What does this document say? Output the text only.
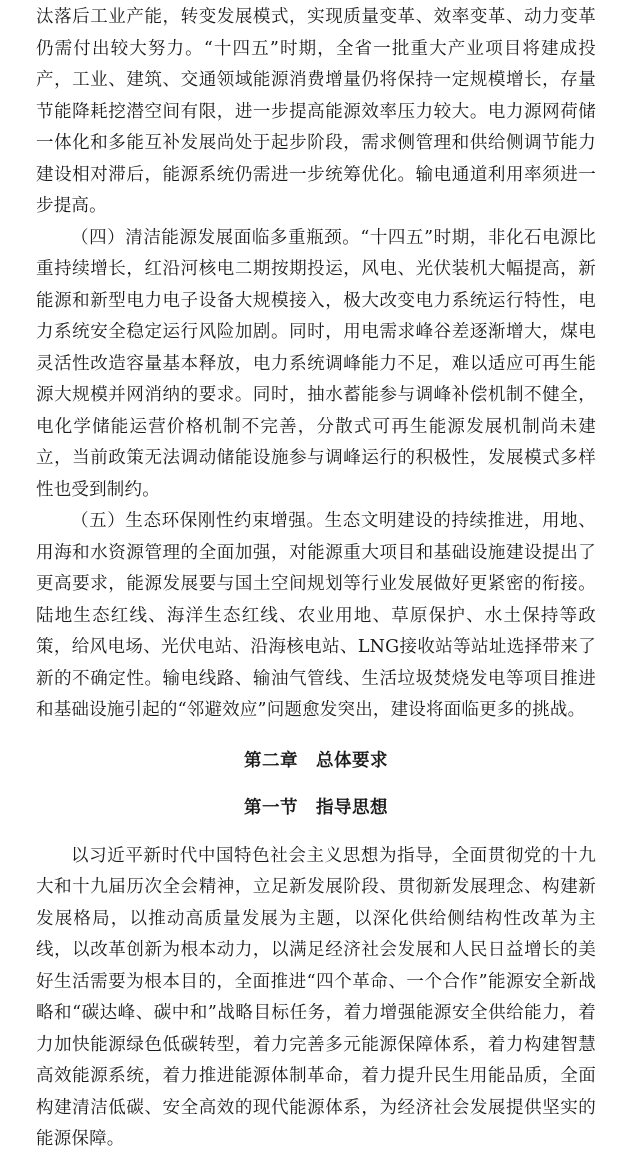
汰落后工业产能，转变发展模式，实现质量变革、效率变革、动力变革仍需付出较大努力。“十四五”时期，全省一批重大产业项目将建成投产，工业、建筑、交通领域能源消费增量仍将保持一定规模增长，存量节能降耗挖潜空间有限，进一步提高能源效率压力较大。电力源网荷储一体化和多能互补发展尚处于起步阶段，需求侧管理和供给侧调节能力建设相对滞后，能源系统仍需进一步统筹优化。输电通道利用率须进一步提高。

（四）清洁能源发展面临多重瓶颈。“十四五”时期，非化石电源比重持续增长，红沿河核电二期按期投运，风电、光伏装机大幅提高，新能源和新型电力电子设备大规模接入，极大改变电力系统运行特性，电力系统安全稳定运行风险加剧。同时，用电需求峰谷差逐渐增大，煤电灵活性改造容量基本释放，电力系统调峰能力不足，难以适应可再生能源大规模并网消纳的要求。同时，抽水蓄能参与调峰补偿机制不健全，电化学储能运营价格机制不完善，分散式可再生能源发展机制尚未建立，当前政策无法调动储能设施参与调峰运行的积极性，发展模式多样性也受到制约。

（五）生态环保刚性约束增强。生态文明建设的持续推进，用地、用海和水资源管理的全面加强，对能源重大项目和基础设施建设提出了更高要求，能源发展要与国土空间规划等行业发展做好更紧密的衔接。陆地生态红线、海洋生态红线、农业用地、草原保护、水土保持等政策，给风电场、光伏电站、沿海核电站、LNG接收站等站址选择带来了新的不确定性。输电线路、输油气管线、生活垃圾焚烧发电等项目推进和基础设施引起的“邻避效应”问题愈发突出，建设将面临更多的挑战。

第二章　总体要求
第一节　指导思想

以习近平新时代中国特色社会主义思想为指导，全面贯彻党的十九大和十九届历次全会精神，立足新发展阶段、贯彻新发展理念、构建新发展格局，以推动高质量发展为主题，以深化供给侧结构性改革为主线，以改革创新为根本动力，以满足经济社会发展和人民日益增长的美好生活需要为根本目的，全面推进“四个革命、一个合作”能源安全新战略和“碳达峰、碳中和”战略目标任务，着力增强能源安全供给能力，着力加快能源绿色低碳转型，着力完善多元能源保障体系，着力构建智慧高效能源系统，着力推进能源体制革命，着力提升民生用能品质，全面构建清洁低碳、安全高效的现代能源体系，为经济社会发展提供坚实的能源保障。
